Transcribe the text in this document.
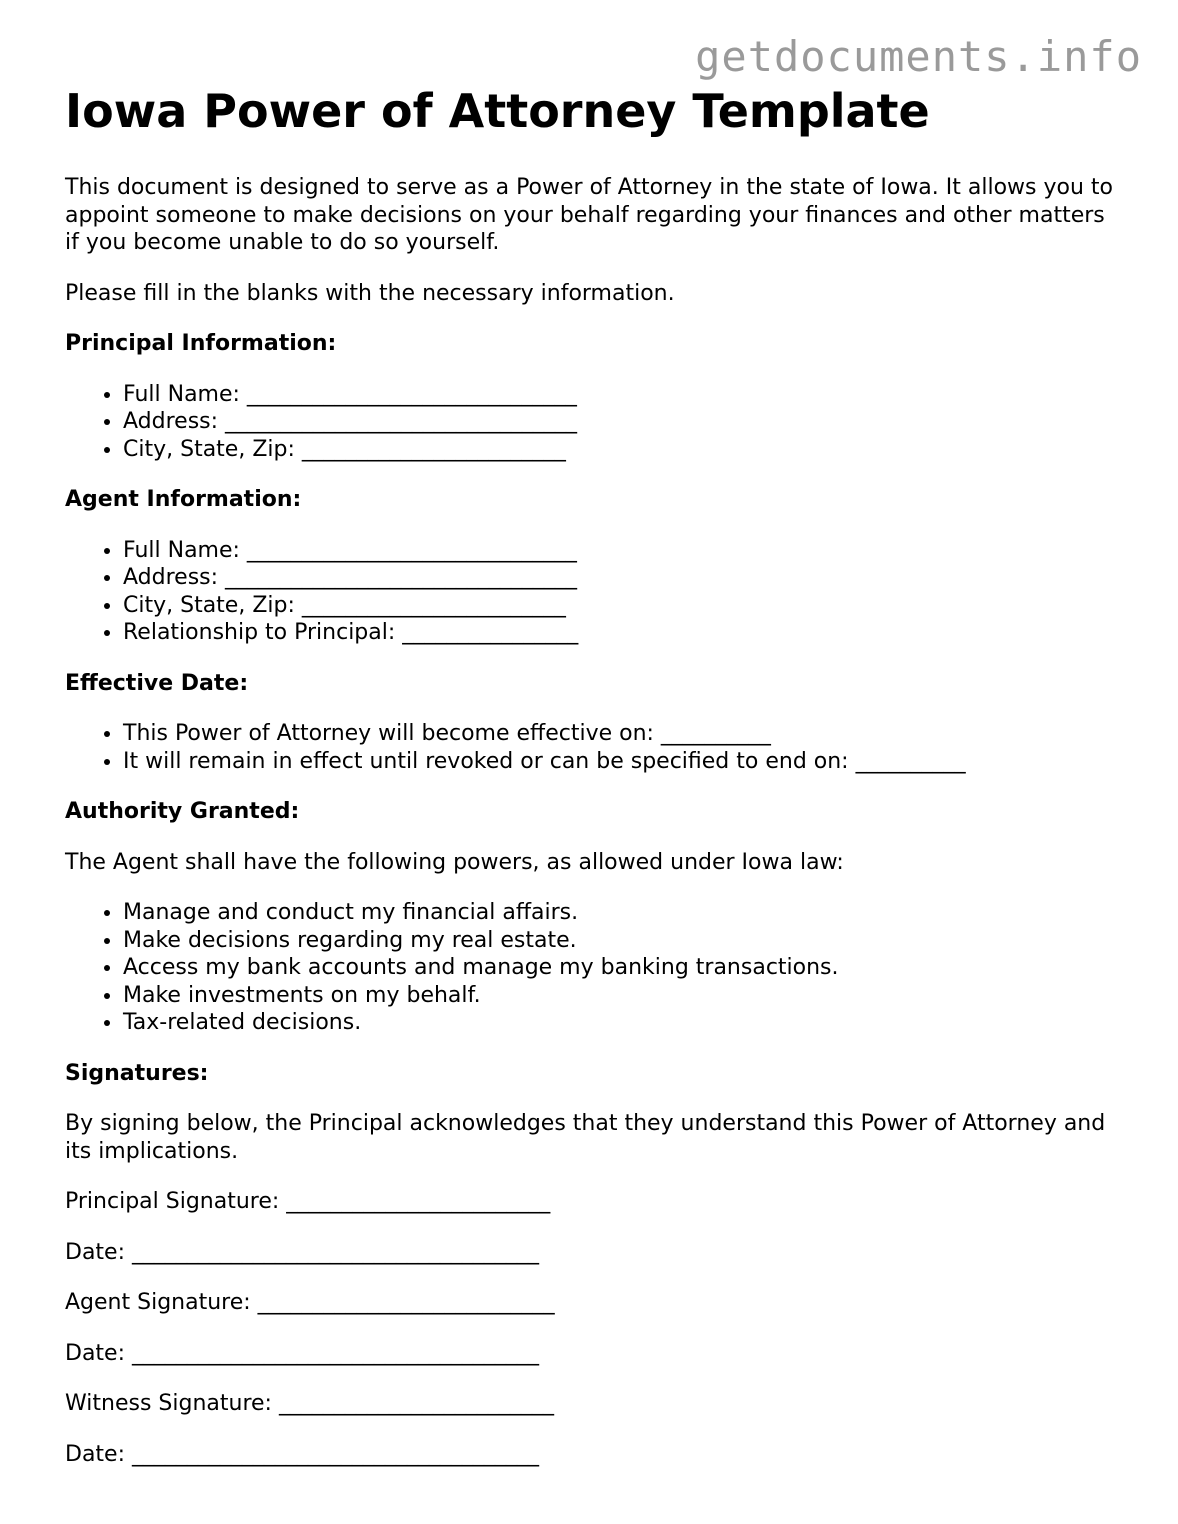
getdocuments.info
Iowa Power of Attorney Template

This document is designed to serve as a Power of Attorney in the state of Iowa. It allows you to appoint someone to make decisions on your behalf regarding your finances and other matters if you become unable to do so yourself.

Please fill in the blanks with the necessary information.

Principal Information:
• Full Name: ______________________________
• Address: ________________________________
• City, State, Zip: ________________________
Agent Information:
• Full Name: ______________________________
• Address: ________________________________
• City, State, Zip: ________________________
• Relationship to Principal: ________________
Effective Date:
• This Power of Attorney will become effective on: __________
• It will remain in effect until revoked or can be specified to end on: __________
Authority Granted:

The Agent shall have the following powers, as allowed under Iowa law:

• Manage and conduct my financial affairs.
• Make decisions regarding my real estate.
• Access my bank accounts and manage my banking transactions.
• Make investments on my behalf.
• Tax-related decisions.
Signatures:

By signing below, the Principal acknowledges that they understand this Power of Attorney and its implications.

Principal Signature: ________________________

Date: _____________________________________

Agent Signature: ___________________________

Date: _____________________________________

Witness Signature: _________________________

Date: _____________________________________
